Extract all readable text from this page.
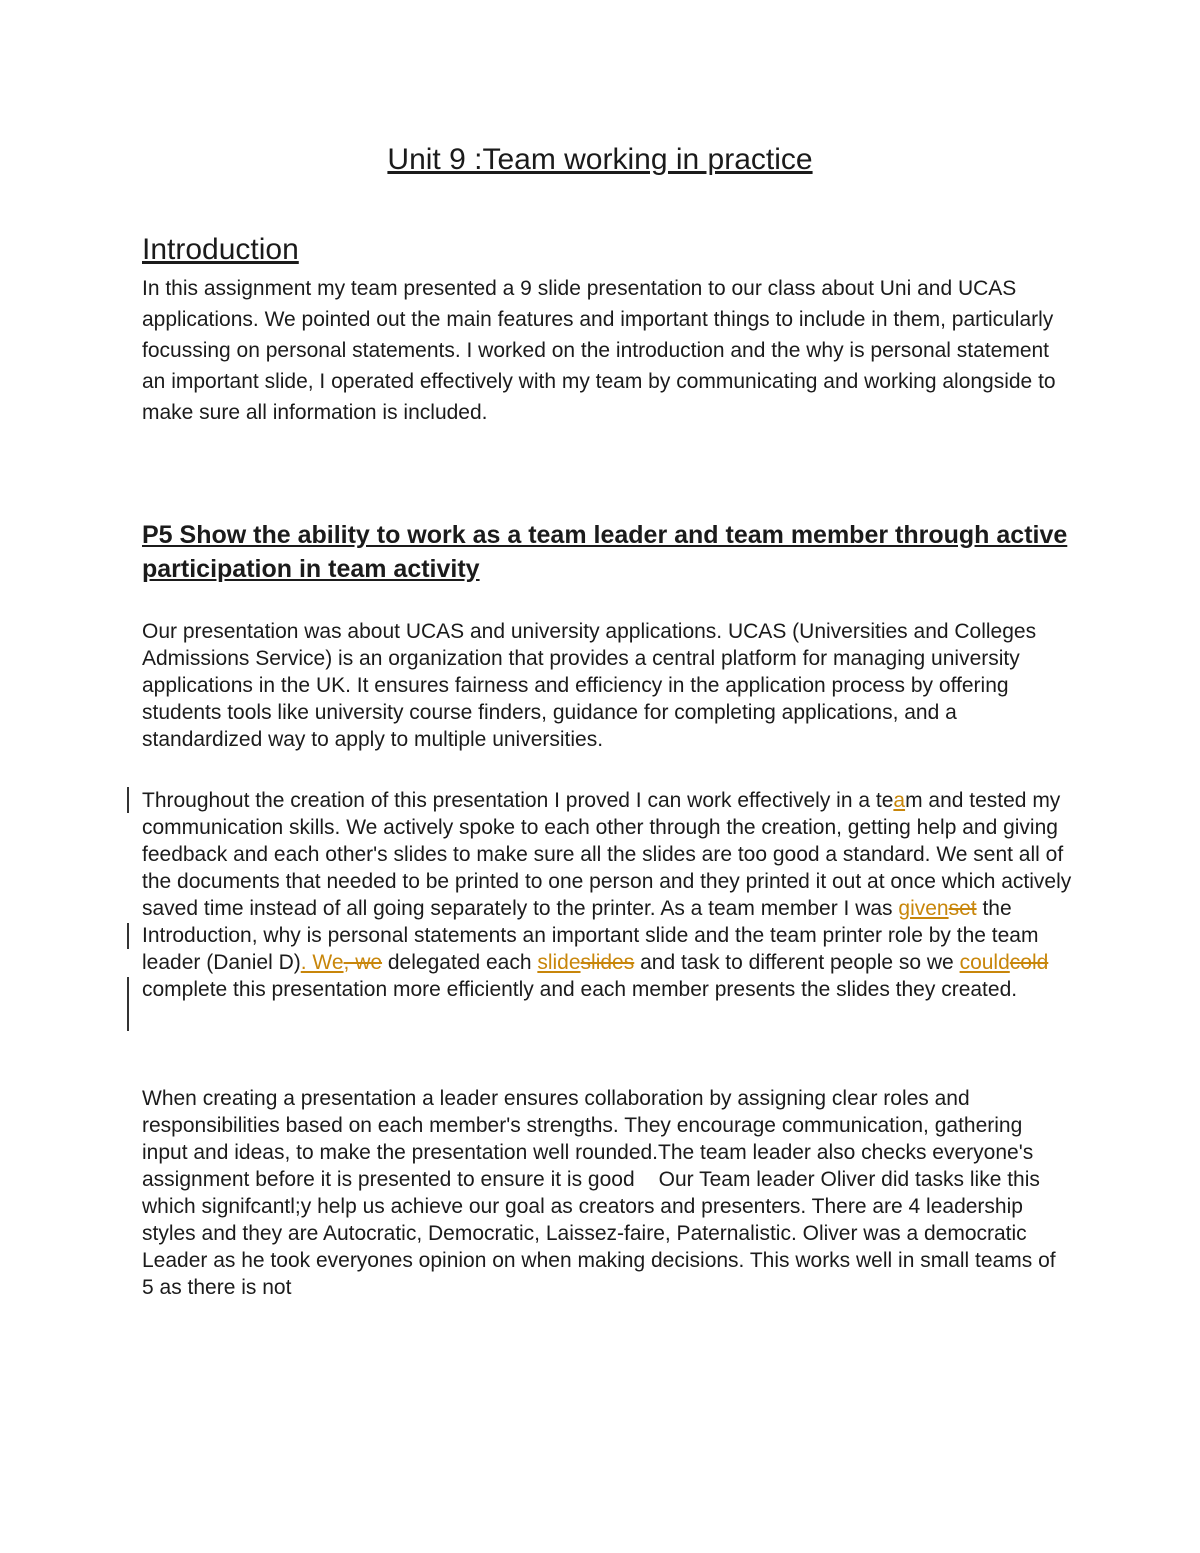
Unit 9 :Team working in practice
Introduction
In this assignment my team presented a 9 slide presentation to our class about Uni and UCAS applications. We pointed out the main features and important things to include in them, particularly focussing on personal statements. I worked on the introduction and the why is personal statement an important slide, I operated effectively with my team by communicating and working alongside to make sure all information is included.
P5 Show the ability to work as a team leader and team member through active participation in team activity
Our presentation was about UCAS and university applications. UCAS (Universities and Colleges Admissions Service) is an organization that provides a central platform for managing university applications in the UK. It ensures fairness and efficiency in the application process by offering students tools like university course finders, guidance for completing applications, and a standardized way to apply to multiple universities.
Throughout the creation of this presentation I proved I can work effectively in a team and tested my communication skills. We actively spoke to each other through the creation, getting help and giving feedback and each other's slides to make sure all the slides are too good a standard. We sent all of the documents that needed to be printed to one person and they printed it out at once which actively saved time instead of all going separately to the printer. As a team member I was givenset the Introduction, why is personal statements an important slide and the team printer role by the team leader (Daniel D). We, we delegated each slideslides and task to different people so we couldcold complete this presentation more efficiently and each member presents the slides they created.
When creating a presentation a leader ensures collaboration by assigning clear roles and responsibilities based on each member's strengths. They encourage communication, gathering input and ideas, to make the presentation well rounded.The team leader also checks everyone's assignment before it is presented to ensure it is good Our Team leader Oliver did tasks like this which signifcantl;y help us achieve our goal as creators and presenters. There are 4 leadership styles and they are Autocratic, Democratic, Laissez-faire, Paternalistic. Oliver was a democratic Leader as he took everyones opinion on when making decisions. This works well in small teams of 5 as there is not
